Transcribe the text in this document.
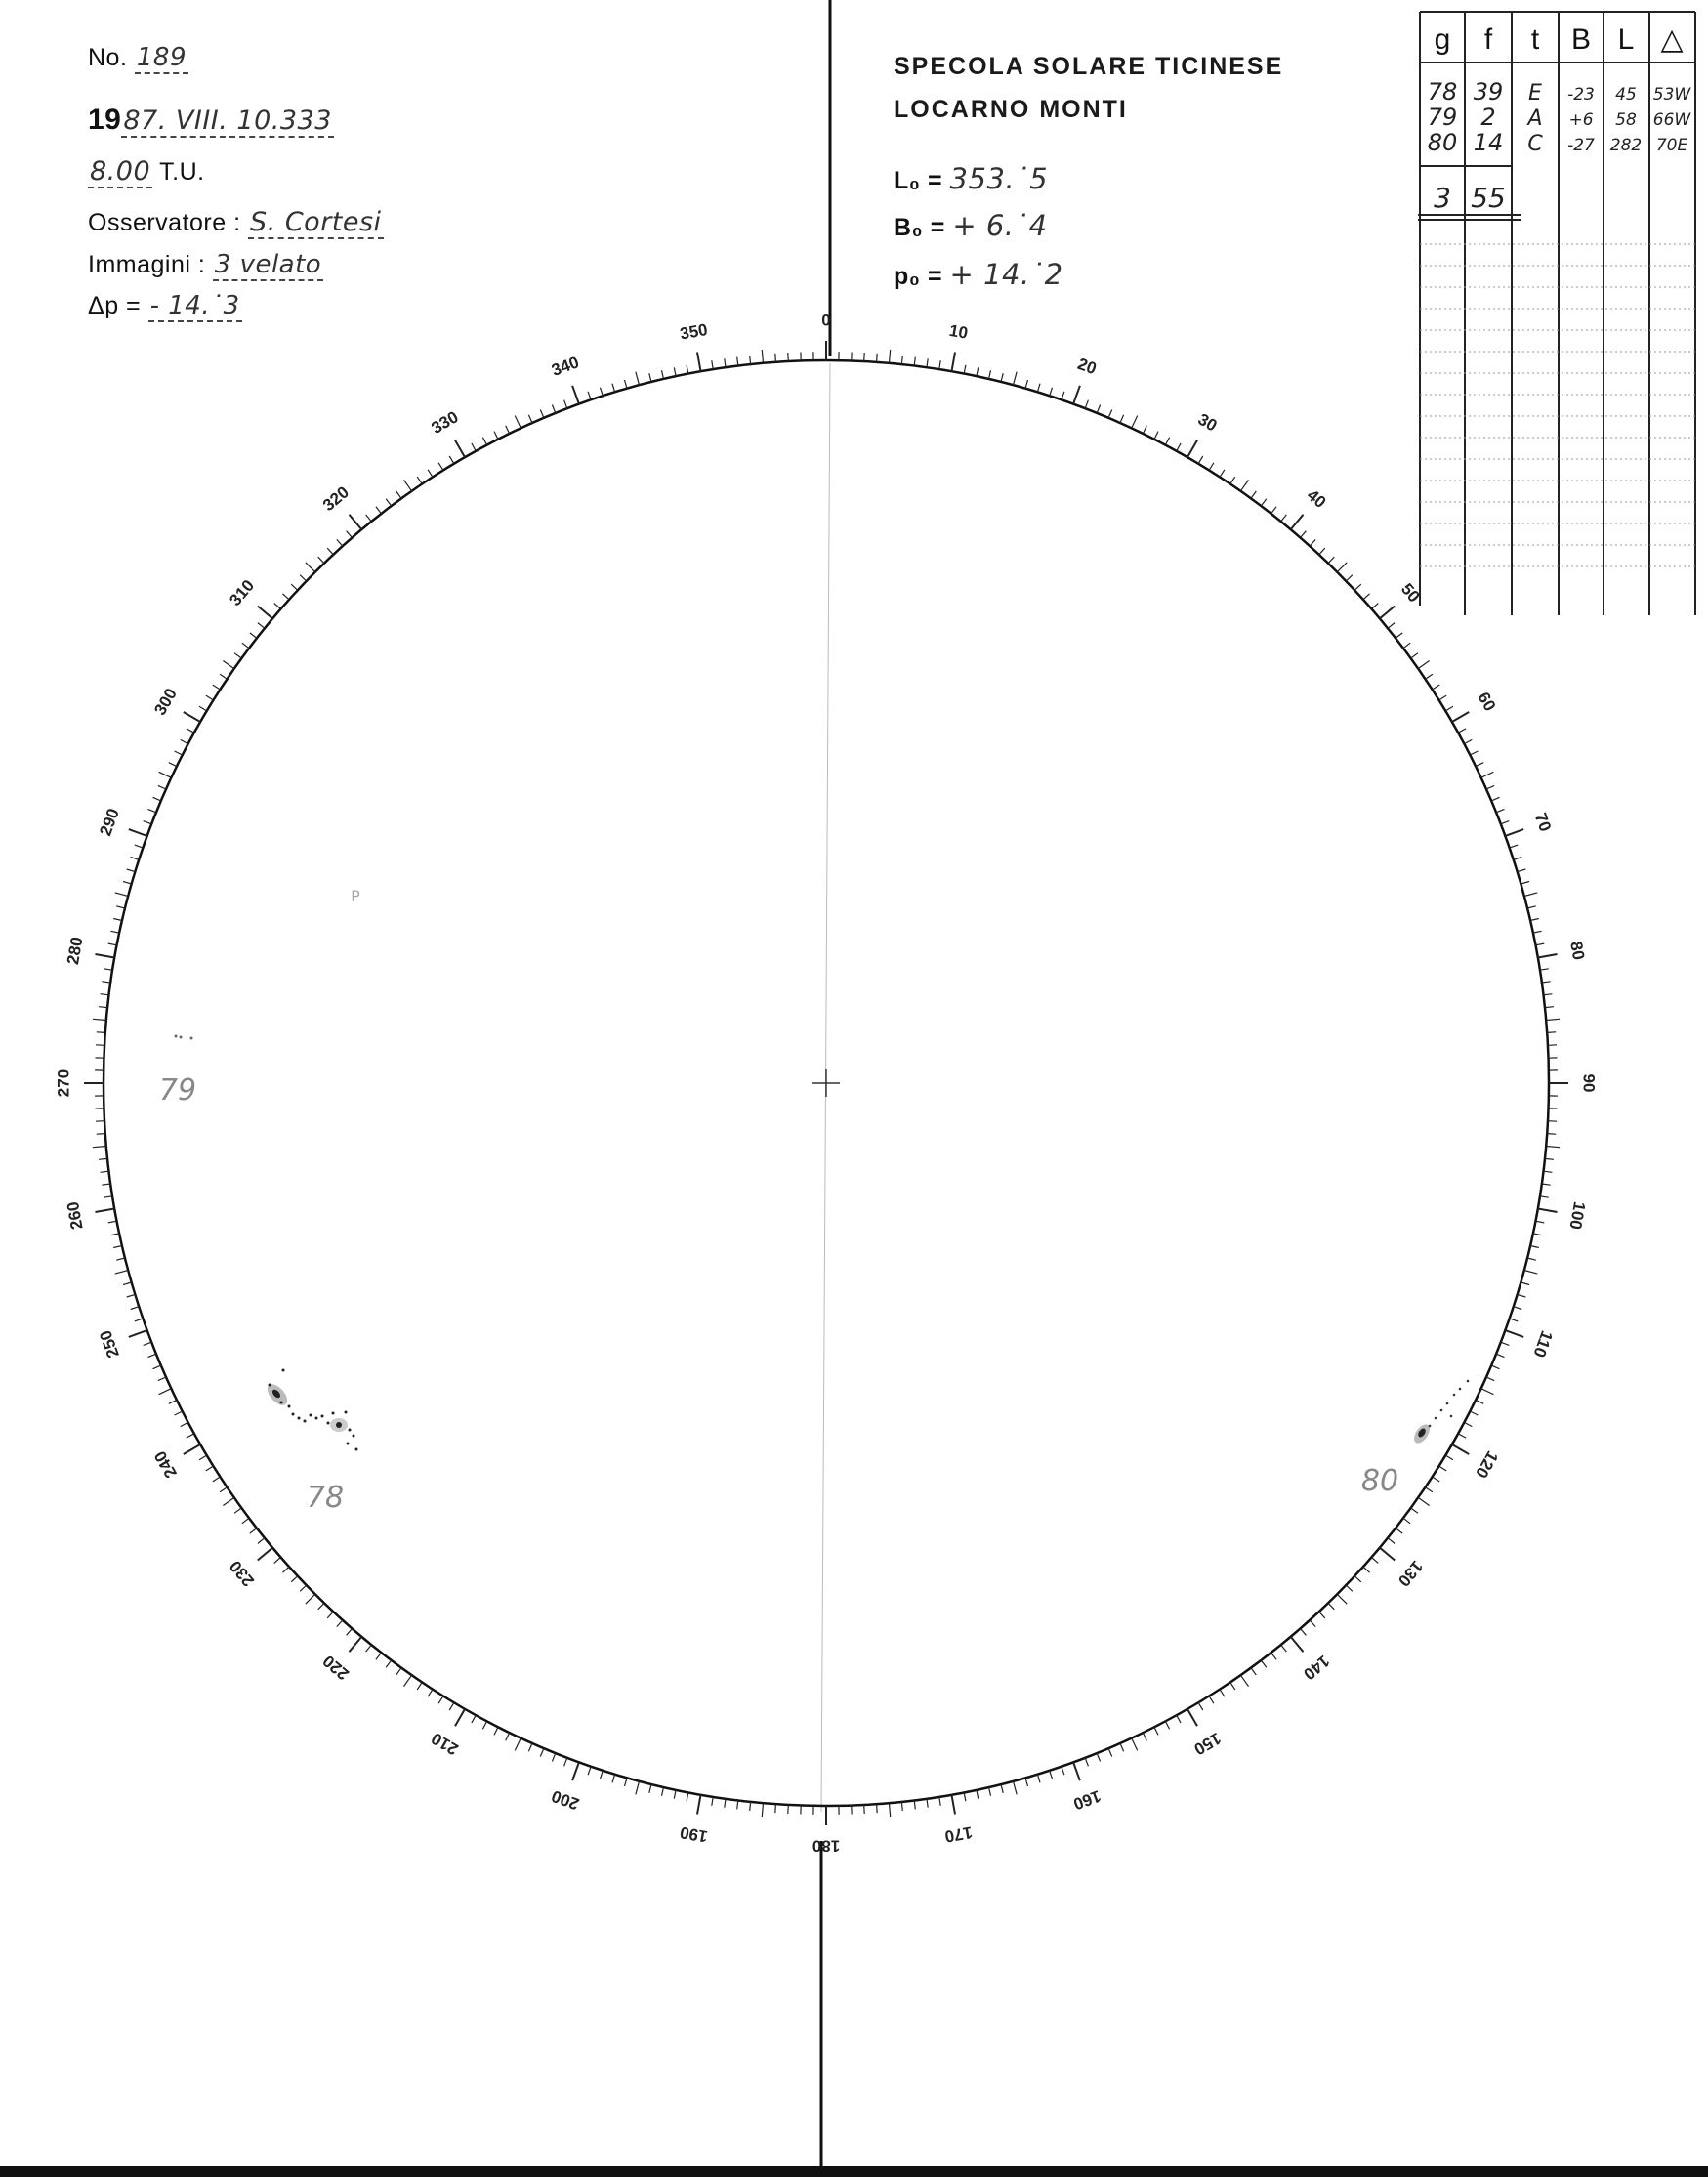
No. 189
1987. VIII. 10.333
8.00 T.U.
Osservatore : S. Cortesi
Immagini : 3 velato
Δp = - 14.˙3
SPECOLA SOLARE TICINESE
LOCARNO MONTI
L₀ = 353.˙5
B₀ = + 6.˙4
p₀ = + 14.˙2
g f t B L △
78 39 E -23 45 53W
79 2 A +6 58 66W
80 14 C -27 282 70E
3 55
0
10
20
30
40
50
60
70
80
90
100
110
120
130
140
150
160
170
180
190
200
210
220
230
240
250
260
270
280
290
300
310
320
330
340
350
79
78	80
P
